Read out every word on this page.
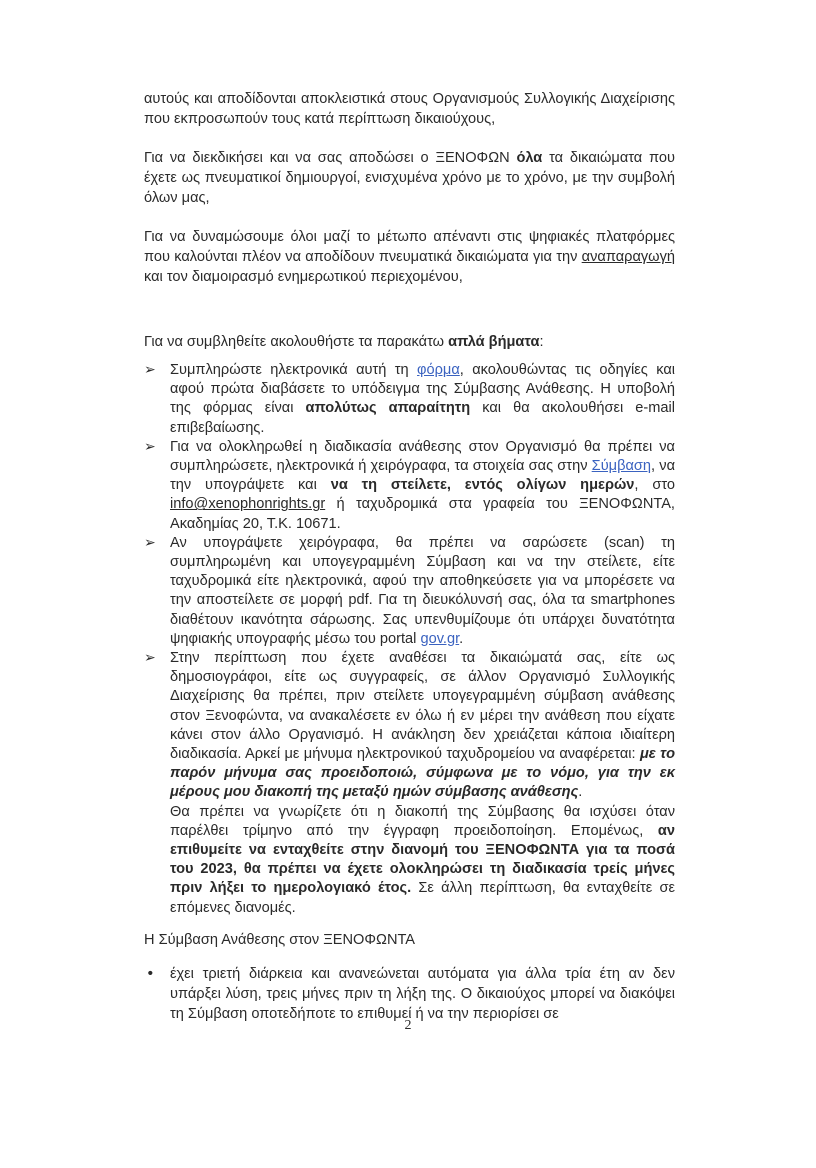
αυτούς και αποδίδονται αποκλειστικά στους Οργανισμούς Συλλογικής Διαχείρισης που εκπροσωπούν τους κατά περίπτωση δικαιούχους,

Για να διεκδικήσει και να σας αποδώσει ο ΞΕΝΟΦΩΝ όλα τα δικαιώματα που έχετε ως πνευματικοί δημιουργοί, ενισχυμένα χρόνο με το χρόνο, με την συμβολή όλων μας,

Για να δυναμώσουμε όλοι μαζί το μέτωπο απέναντι στις ψηφιακές πλατφόρμες που καλούνται πλέον να αποδίδουν πνευματικά δικαιώματα για την αναπαραγωγή και τον διαμοιρασμό ενημερωτικού περιεχομένου,

Για να συμβληθείτε ακολουθήστε τα παρακάτω απλά βήματα:

➢ Συμπληρώστε ηλεκτρονικά αυτή τη φόρμα, ακολουθώντας τις οδηγίες και αφού πρώτα διαβάσετε το υπόδειγμα της Σύμβασης Ανάθεσης. Η υποβολή της φόρμας είναι απολύτως απαραίτητη και θα ακολουθήσει e-mail επιβεβαίωσης.
➢ Για να ολοκληρωθεί η διαδικασία ανάθεσης στον Οργανισμό θα πρέπει να συμπληρώσετε, ηλεκτρονικά ή χειρόγραφα, τα στοιχεία σας στην Σύμβαση, να την υπογράψετε και να τη στείλετε, εντός ολίγων ημερών, στο info@xenophonrights.gr ή ταχυδρομικά στα γραφεία του ΞΕΝΟΦΩΝΤΑ, Ακαδημίας 20, Τ.Κ. 10671.
➢ Αν υπογράψετε χειρόγραφα, θα πρέπει να σαρώσετε (scan) τη συμπληρωμένη και υπογεγραμμένη Σύμβαση και να την στείλετε, είτε ταχυδρομικά είτε ηλεκτρονικά, αφού την αποθηκεύσετε για να μπορέσετε να την αποστείλετε σε μορφή pdf. Για τη διευκόλυνσή σας, όλα τα smartphones διαθέτουν ικανότητα σάρωσης. Σας υπενθυμίζουμε ότι υπάρχει δυνατότητα ψηφιακής υπογραφής μέσω του portal gov.gr.
➢ Στην περίπτωση που έχετε αναθέσει τα δικαιώματά σας, είτε ως δημοσιογράφοι, είτε ως συγγραφείς, σε άλλον Οργανισμό Συλλογικής Διαχείρισης θα πρέπει, πριν στείλετε υπογεγραμμένη σύμβαση ανάθεσης στον Ξενοφώντα, να ανακαλέσετε εν όλω ή εν μέρει την ανάθεση που είχατε κάνει στον άλλο Οργανισμό. Η ανάκληση δεν χρειάζεται κάποια ιδιαίτερη διαδικασία. Αρκεί με μήνυμα ηλεκτρονικού ταχυδρομείου να αναφέρεται: με το παρόν μήνυμα σας προειδοποιώ, σύμφωνα με το νόμο, για την εκ μέρους μου διακοπή της μεταξύ ημών σύμβασης ανάθεσης.
Θα πρέπει να γνωρίζετε ότι η διακοπή της Σύμβασης θα ισχύσει όταν παρέλθει τρίμηνο από την έγγραφη προειδοποίηση. Επομένως, αν επιθυμείτε να ενταχθείτε στην διανομή του ΞΕΝΟΦΩΝΤΑ για τα ποσά του 2023, θα πρέπει να έχετε ολοκληρώσει τη διαδικασία τρείς μήνες πριν λήξει το ημερολογιακό έτος. Σε άλλη περίπτωση, θα ενταχθείτε σε επόμενες διανομές.

Η Σύμβαση Ανάθεσης στον ΞΕΝΟΦΩΝΤΑ

• έχει τριετή διάρκεια και ανανεώνεται αυτόματα για άλλα τρία έτη αν δεν υπάρξει λύση, τρεις μήνες πριν τη λήξη της. Ο δικαιούχος μπορεί να διακόψει τη Σύμβαση οποτεδήποτε το επιθυμεί ή να την περιορίσει σε
2
